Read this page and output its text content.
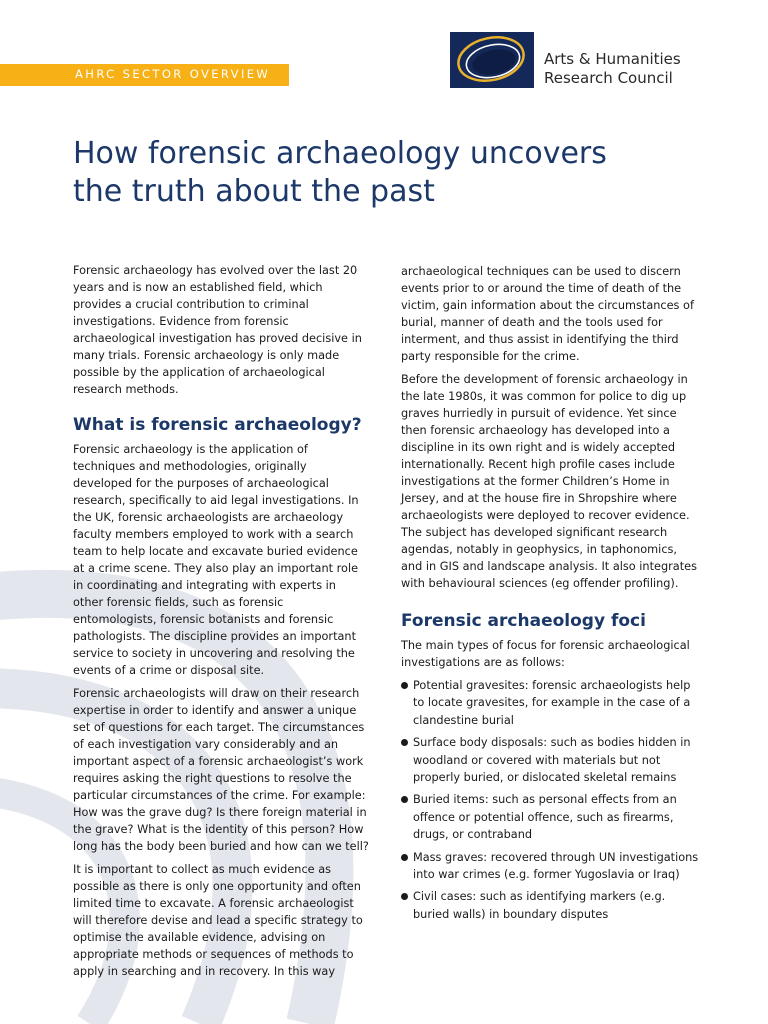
AHRC SECTOR OVERVIEW
Arts & Humanities
Research Council
How forensic archaeology uncovers
the truth about the past

Forensic archaeology has evolved over the last 20 years and is now an established field, which provides a crucial contribution to criminal investigations. Evidence from forensic archaeological investigation has proved decisive in many trials. Forensic archaeology is only made possible by the application of archaeological research methods.

What is forensic archaeology?

Forensic archaeology is the application of techniques and methodologies, originally developed for the purposes of archaeological research, specifically to aid legal investigations. In the UK, forensic archaeologists are archaeology faculty members employed to work with a search team to help locate and excavate buried evidence at a crime scene. They also play an important role in coordinating and integrating with experts in other forensic fields, such as forensic entomologists, forensic botanists and forensic pathologists. The discipline provides an important service to society in uncovering and resolving the events of a crime or disposal site.

Forensic archaeologists will draw on their research expertise in order to identify and answer a unique set of questions for each target. The circumstances of each investigation vary considerably and an important aspect of a forensic archaeologist’s work requires asking the right questions to resolve the particular circumstances of the crime. For example: How was the grave dug? Is there foreign material in the grave? What is the identity of this person? How long has the body been buried and how can we tell?

It is important to collect as much evidence as possible as there is only one opportunity and often limited time to excavate. A forensic archaeologist will therefore devise and lead a specific strategy to optimise the available evidence, advising on appropriate methods or sequences of methods to apply in searching and in recovery. In this way

archaeological techniques can be used to discern events prior to or around the time of death of the victim, gain information about the circumstances of burial, manner of death and the tools used for interment, and thus assist in identifying the third party responsible for the crime.

Before the development of forensic archaeology in the late 1980s, it was common for police to dig up graves hurriedly in pursuit of evidence. Yet since then forensic archaeology has developed into a discipline in its own right and is widely accepted internationally. Recent high profile cases include investigations at the former Children’s Home in Jersey, and at the house fire in Shropshire where archaeologists were deployed to recover evidence. The subject has developed significant research agendas, notably in geophysics, in taphonomics, and in GIS and landscape analysis. It also integrates with behavioural sciences (eg offender profiling).

Forensic archaeology foci

The main types of focus for forensic archaeological investigations are as follows:

Potential gravesites: forensic archaeologists help to locate gravesites, for example in the case of a clandestine burial
Surface body disposals: such as bodies hidden in woodland or covered with materials but not properly buried, or dislocated skeletal remains
Buried items: such as personal effects from an offence or potential offence, such as firearms, drugs, or contraband
Mass graves: recovered through UN investigations into war crimes (e.g. former Yugoslavia or Iraq)
Civil cases: such as identifying markers (e.g. buried walls) in boundary disputes
